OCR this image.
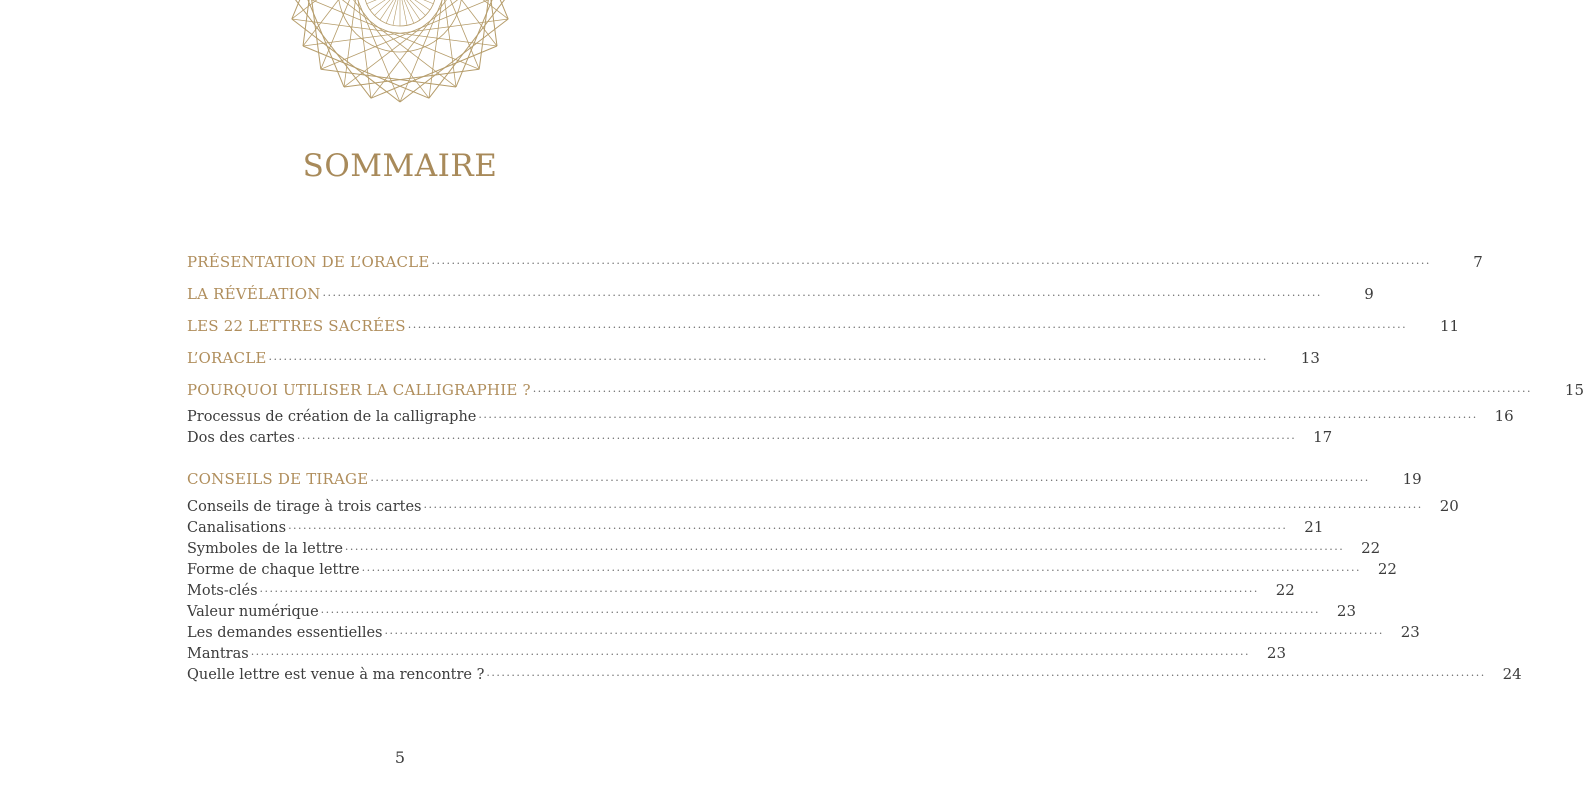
SOMMAIRE
PRÉSENTATION DE L’ORACLE ........................................................................................................................................................................................................	7
LA RÉVÉLATION ........................................................................................................................................................................................................	9
LES 22 LETTRES SACRÉES ........................................................................................................................................................................................................	11
L’ORACLE ........................................................................................................................................................................................................	13
POURQUOI UTILISER LA CALLIGRAPHIE ? ........................................................................................................................................................................................................	15
Processus de création de la calligraphe ........................................................................................................................................................................................................	16
Dos des cartes ........................................................................................................................................................................................................	17
CONSEILS DE TIRAGE ........................................................................................................................................................................................................	19
Conseils de tirage à trois cartes ........................................................................................................................................................................................................	20
Canalisations ........................................................................................................................................................................................................	21
Symboles de la lettre ........................................................................................................................................................................................................	22
Forme de chaque lettre ........................................................................................................................................................................................................	22
Mots-clés ........................................................................................................................................................................................................	22
Valeur numérique ........................................................................................................................................................................................................	23
Les demandes essentielles ........................................................................................................................................................................................................	23
Mantras ........................................................................................................................................................................................................	23
Quelle lettre est venue à ma rencontre ? ........................................................................................................................................................................................................	24
5
